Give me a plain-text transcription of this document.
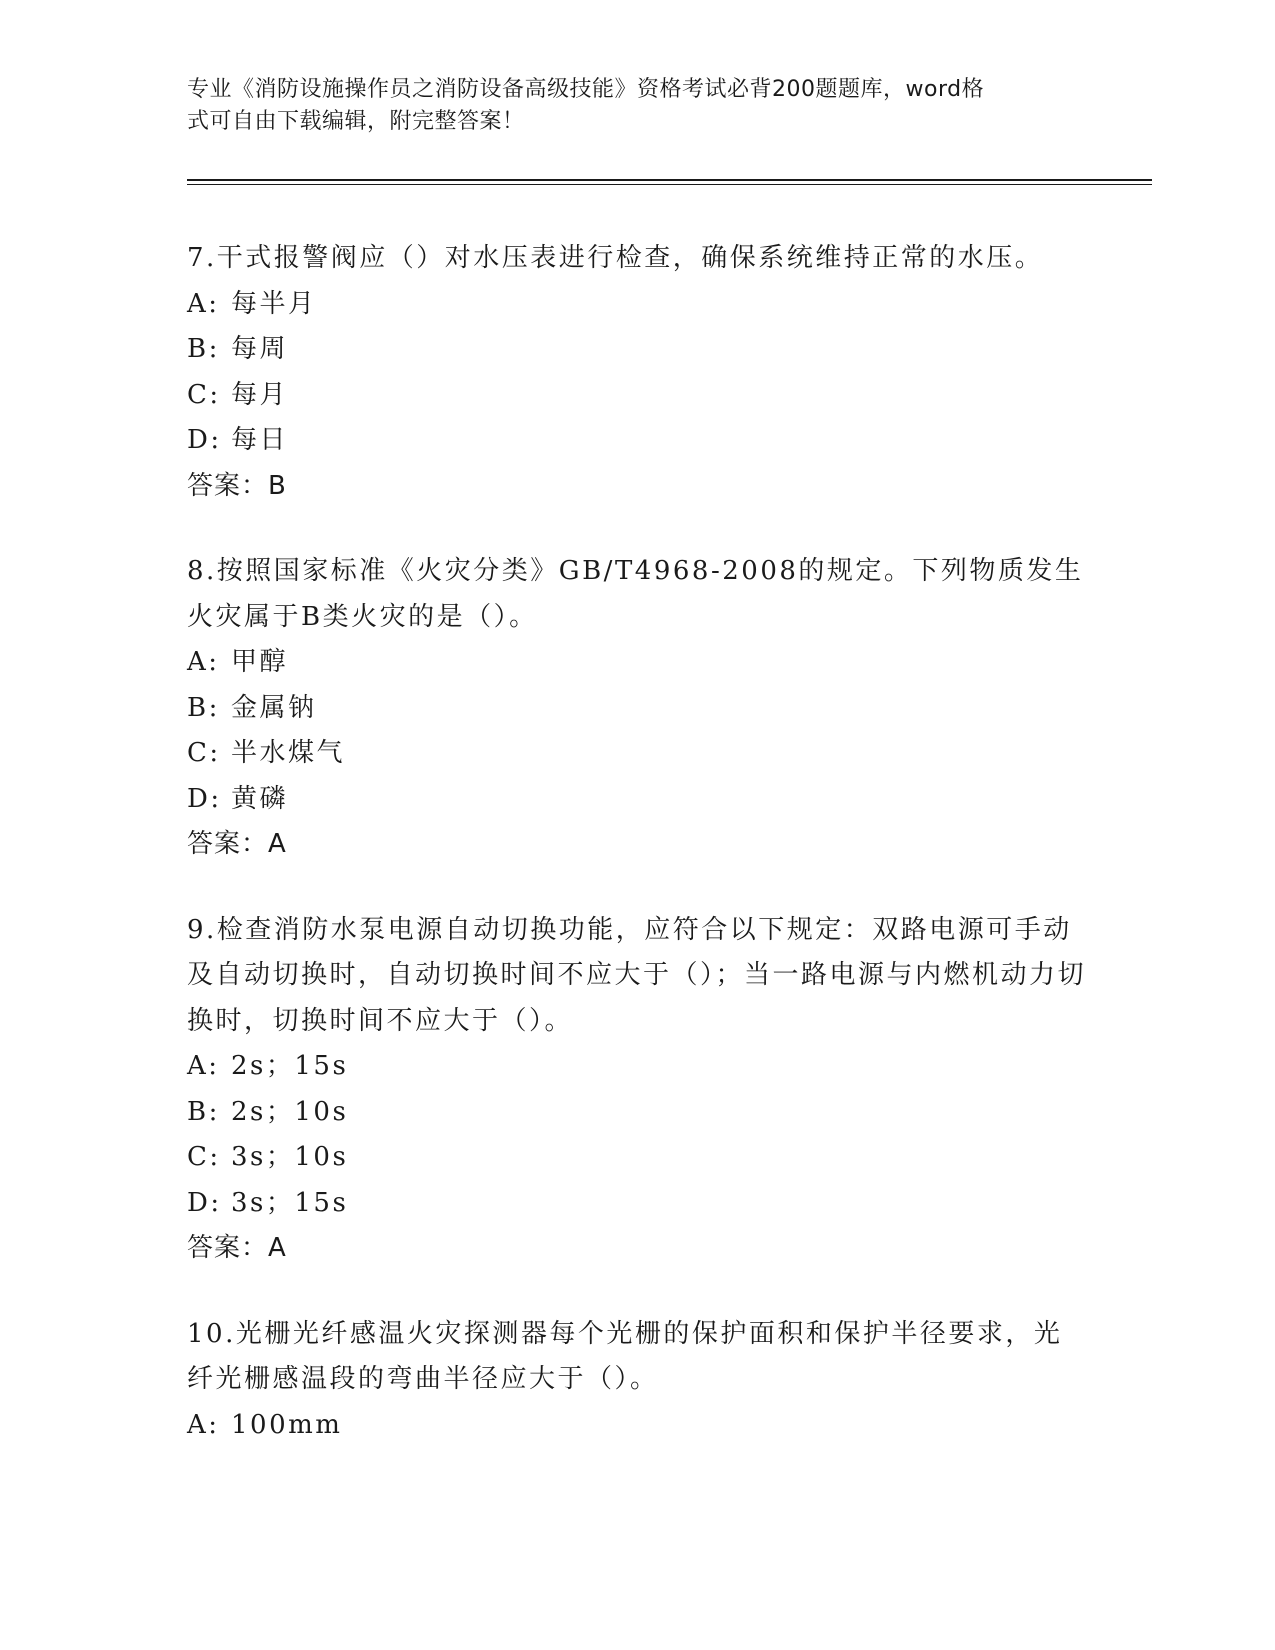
专业《消防设施操作员之消防设备高级技能》资格考试必背200题题库，word格
式可自由下载编辑，附完整答案！

7.干式报警阀应（）对水压表进行检查，确保系统维持正常的水压。

A: 每半月

B: 每周

C: 每月

D: 每日

答案：B

8.按照国家标准《火灾分类》GB/T4968-2008的规定。下列物质发生火灾属于B类火灾的是（）。

A: 甲醇

B: 金属钠

C: 半水煤气

D: 黄磷

答案：A

9.检查消防水泵电源自动切换功能，应符合以下规定：双路电源可手动及自动切换时，自动切换时间不应大于（）；当一路电源与内燃机动力切换时，切换时间不应大于（）。

A: 2s；15s

B: 2s；10s

C: 3s；10s

D: 3s；15s

答案：A

10.光栅光纤感温火灾探测器每个光栅的保护面积和保护半径要求，光纤光栅感温段的弯曲半径应大于（）。

A: 100mm
